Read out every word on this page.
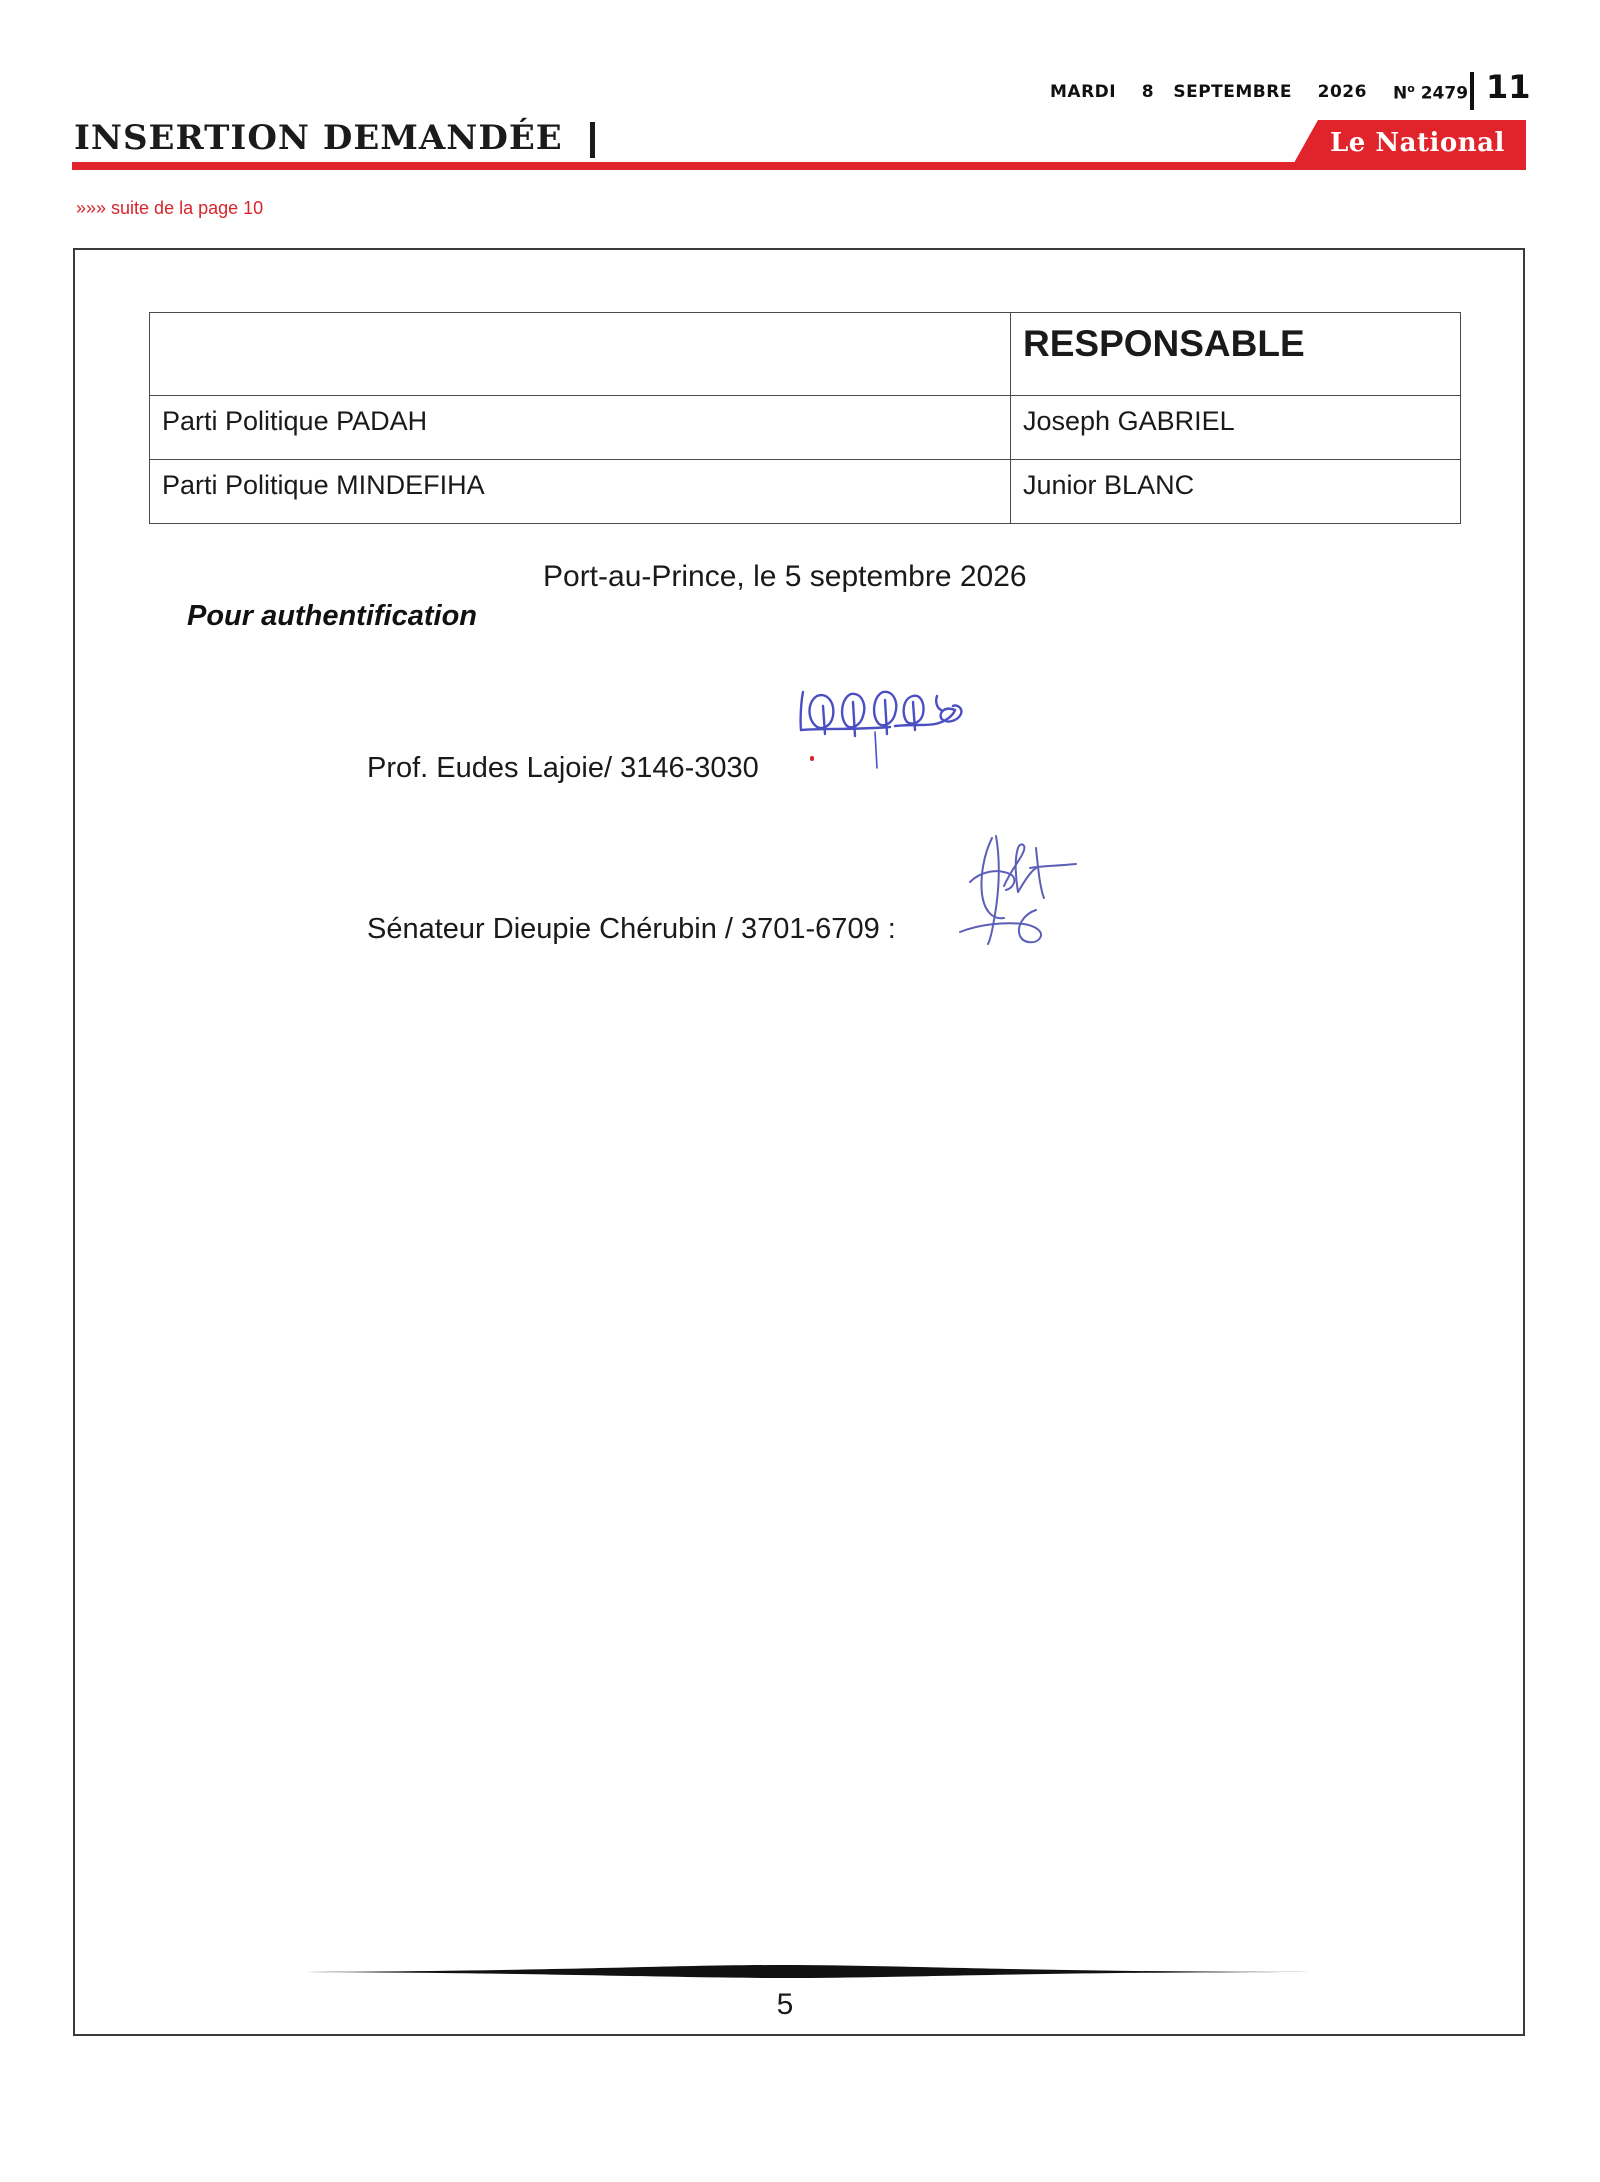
MARDI    8   SEPTEMBRE    2026 $N^o$ 2479 11
INSERTION DEMANDÉE	Le National
»»» suite de la page 10
	RESPONSABLE
Parti Politique PADAH	Joseph GABRIEL
Parti Politique MINDEFIHA	Junior BLANC
Port-au-Prince, le 5 septembre 2026
Pour authentification
Prof. Eudes Lajoie/ 3146-3030
Sénateur Dieupie Chérubin / 3701-6709 :
5
